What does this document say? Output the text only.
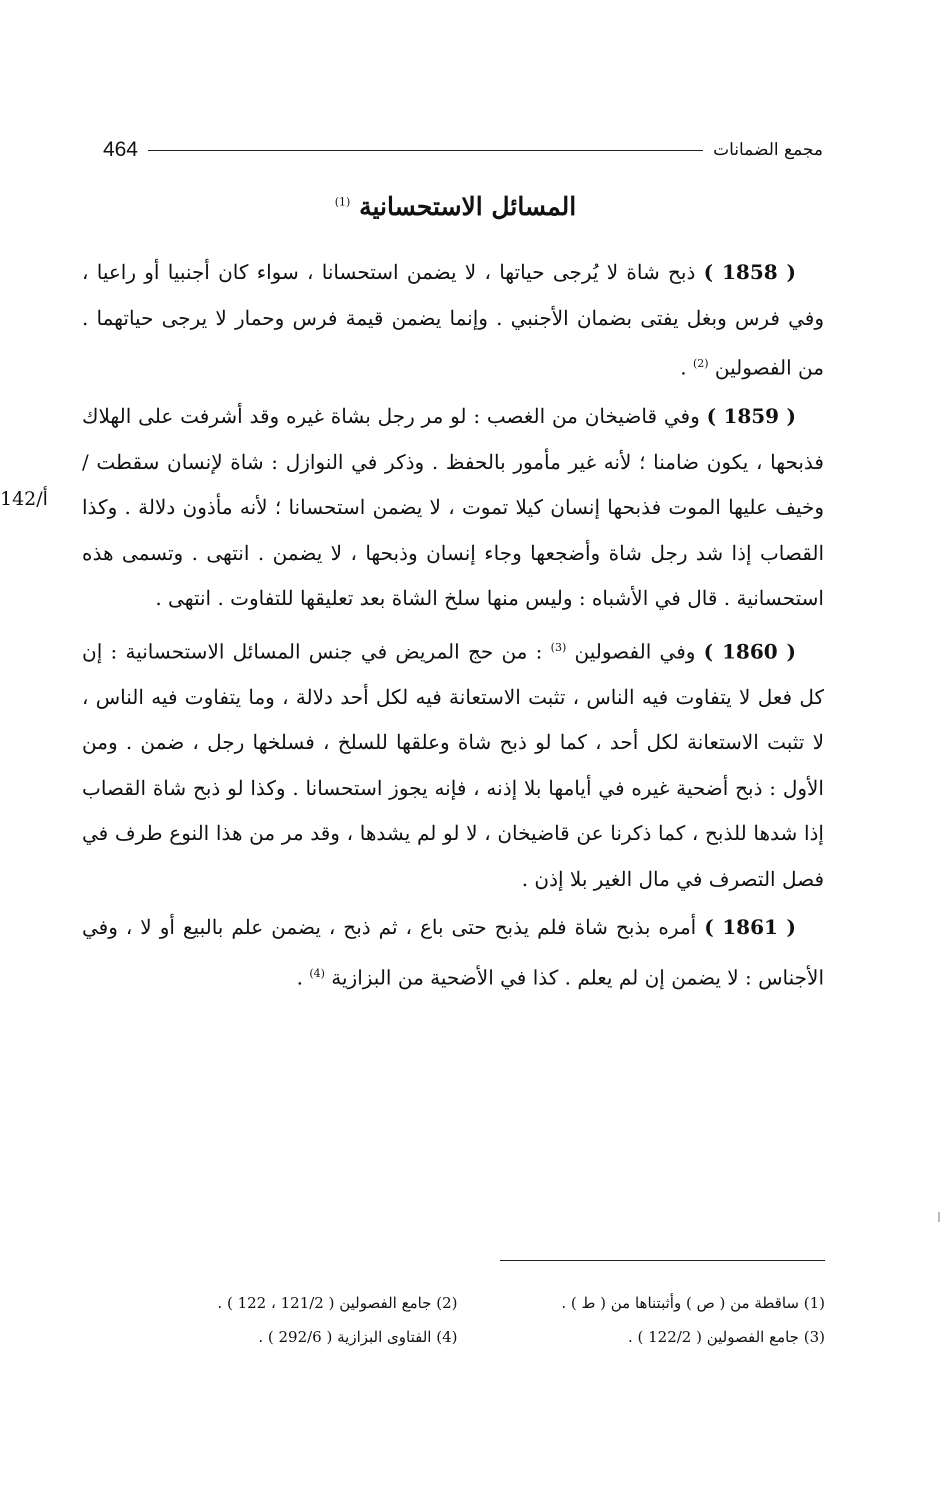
464	مجمع الضمانات
المسائل الاستحسانية $^{(1)}$

( 1858 ) ذبح شاة لا يُرجى حياتها ، لا يضمن استحسانا ، سواء كان أجنبيا أو راعيا ، وفي فرس وبغل يفتى بضمان الأجنبي . وإنما يضمن قيمة فرس وحمار لا يرجى حياتهما . من الفصولين $^{(2)}$ .

( 1859 ) وفي قاضيخان من الغصب : لو مر رجل بشاة غيره وقد أشرفت على الهلاك فذبحها ، يكون ضامنا ؛ لأنه غير مأمور بالحفظ . وذكر في النوازل : شاة لإنسان سقطت / وخيف عليها الموت فذبحها إنسان كيلا تموت ، لا يضمن استحسانا ؛ لأنه مأذون دلالة . وكذا القصاب إذا شد رجل شاة وأضجعها وجاء إنسان وذبحها ، لا يضمن . انتهى . وتسمى هذه استحسانية . قال في الأشباه : وليس منها سلخ الشاة بعد تعليقها للتفاوت . انتهى .

( 1860 ) وفي الفصولين $^{(3)}$ : من حج المريض في جنس المسائل الاستحسانية : إن كل فعل لا يتفاوت فيه الناس ، تثبت الاستعانة فيه لكل أحد دلالة ، وما يتفاوت فيه الناس ، لا تثبت الاستعانة لكل أحد ، كما لو ذبح شاة وعلقها للسلخ ، فسلخها رجل ، ضمن . ومن الأول : ذبح أضحية غيره في أيامها بلا إذنه ، فإنه يجوز استحسانا . وكذا لو ذبح شاة القصاب إذا شدها للذبح ، كما ذكرنا عن قاضيخان ، لا لو لم يشدها ، وقد مر من هذا النوع طرف في فصل التصرف في مال الغير بلا إذن .

( 1861 ) أمره بذبح شاة فلم يذبح حتى باع ، ثم ذبح ، يضمن علم بالبيع أو لا ، وفي الأجناس : لا يضمن إن لم يعلم . كذا في الأضحية من البزازية $^{(4)}$ .

142/أ
(1) ساقطة من ( ص ) وأثبتناها من ( ط ) .
(2) جامع الفصولين ( 121/2 ، 122 ) .
(3) جامع الفصولين ( 122/2 ) .
(4) الفتاوى البزازية ( 292/6 ) .
